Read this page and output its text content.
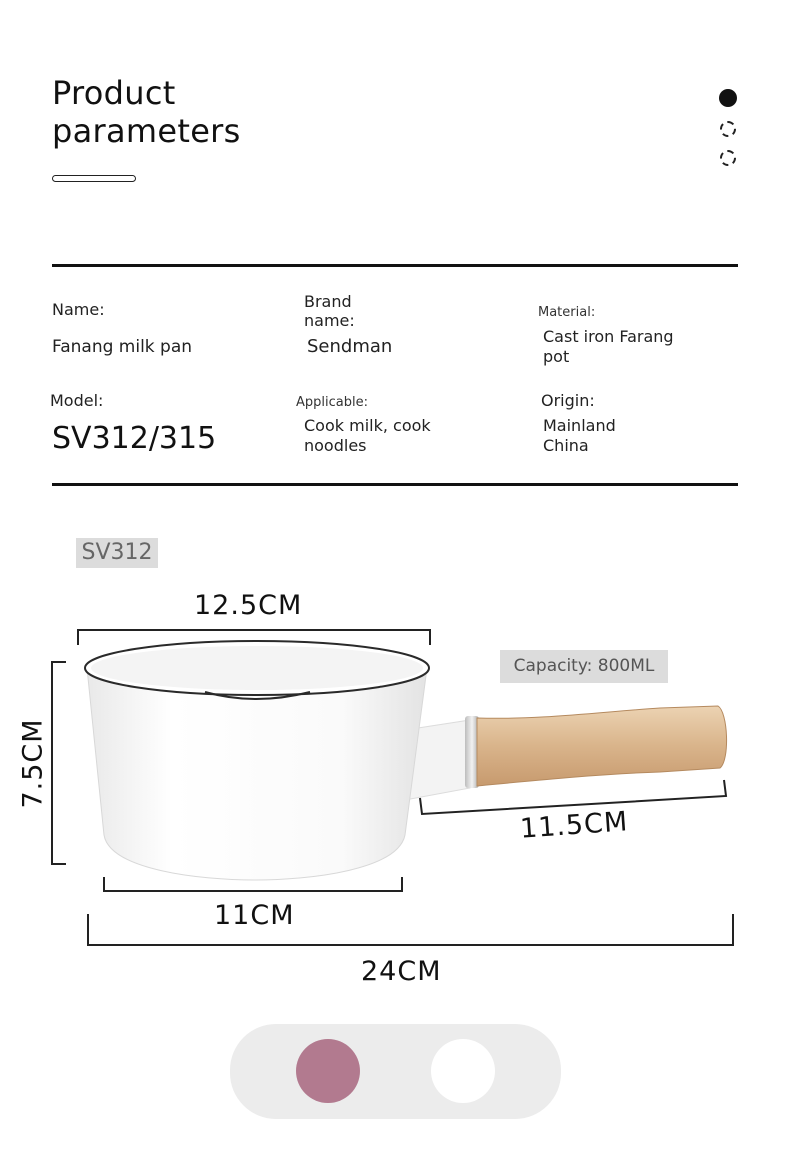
Product
parameters
Name:
Fanang milk pan
Brand
name:
Sendman
Material:
Cast iron Farang
pot
Model:
SV312/315
Applicable:
Cook milk, cook
noodles
Origin:
Mainland
China
SV312
Capacity: 800ML
12.5CM
7.5CM
11.5CM
11CM
24CM
